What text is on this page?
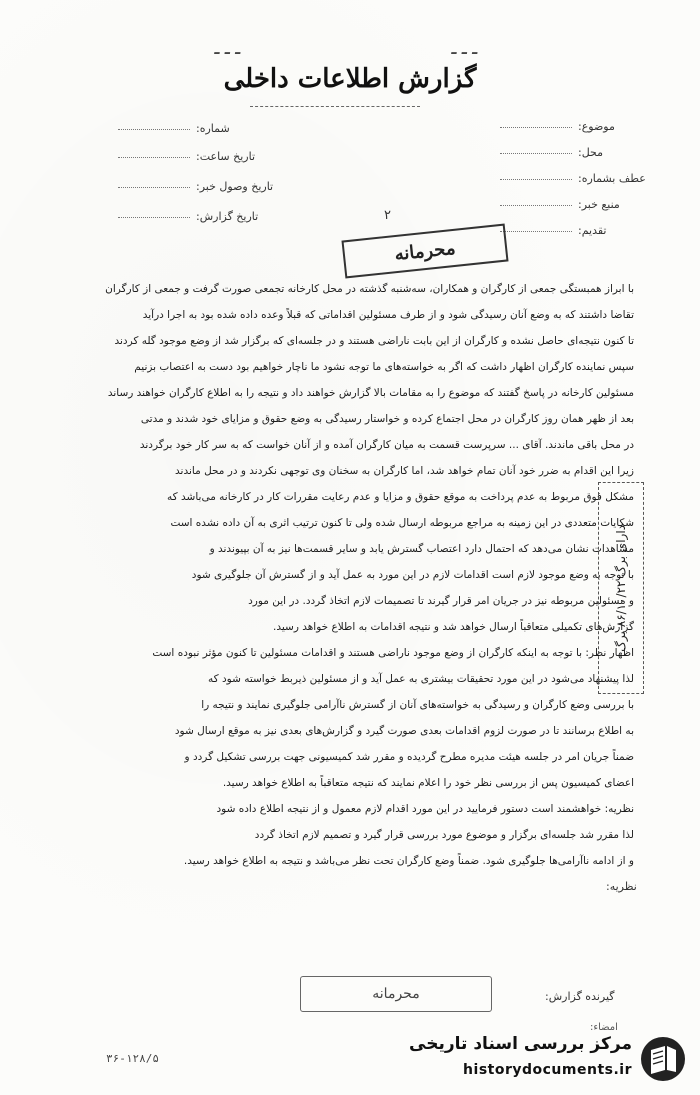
ـ ـ ـ	ـ ـ ـ
گزارش اطلاعات داخلی
شماره:
تاریخ ساعت:
تاریخ وصول خبر:
تاریخ گزارش:
موضوع:
محل:
عطف بشماره:
منبع خبر:
تقدیم:
۲
محرمانه

با ابراز همبستگی جمعی از کارگران و همکاران، سه‌شنبه گذشته در محل کارخانه تجمعی صورت گرفت و جمعی از کارگران

تقاضا داشتند که به وضع آنان رسیدگی شود و از طرف مسئولین اقداماتی که قبلاً وعده داده شده بود به اجرا درآید

تا کنون نتیجه‌ای حاصل نشده و کارگران از این بابت ناراضی هستند و در جلسه‌ای که برگزار شد از وضع موجود گله کردند

سپس نماینده کارگران اظهار داشت که اگر به خواسته‌های ما توجه نشود ما ناچار خواهیم بود دست به اعتصاب بزنیم

مسئولین کارخانه در پاسخ گفتند که موضوع را به مقامات بالا گزارش خواهند داد و نتیجه را به اطلاع کارگران خواهند رساند

بعد از ظهر همان روز کارگران در محل اجتماع کرده و خواستار رسیدگی به وضع حقوق و مزایای خود شدند و مدتی

در محل باقی ماندند. آقای ... سرپرست قسمت به میان کارگران آمده و از آنان خواست که به سر کار خود برگردند

زیرا این اقدام به ضرر خود آنان تمام خواهد شد، اما کارگران به سخنان وی توجهی نکردند و در محل ماندند

مشکل فوق مربوط به عدم پرداخت به موقع حقوق و مزایا و عدم رعایت مقررات کار در کارخانه می‌باشد که

شکایات متعددی در این زمینه به مراجع مربوطه ارسال شده ولی تا کنون ترتیب اثری به آن داده نشده است

مشاهدات نشان می‌دهد که احتمال دارد اعتصاب گسترش یابد و سایر قسمت‌ها نیز به آن بپیوندند و

با توجه به وضع موجود لازم است اقدامات لازم در این مورد به عمل آید و از گسترش آن جلوگیری شود

و مسئولین مربوطه نیز در جریان امر قرار گیرند تا تصمیمات لازم اتخاذ گردد. در این مورد

گزارش‌های تکمیلی متعاقباً ارسال خواهد شد و نتیجه اقدامات به اطلاع خواهد رسید.

اظهار نظر: با توجه به اینکه کارگران از وضع موجود ناراضی هستند و اقدامات مسئولین تا کنون مؤثر نبوده است

لذا پیشنهاد می‌شود در این مورد تحقیقات بیشتری به عمل آید و از مسئولین ذیربط خواسته شود که

با بررسی وضع کارگران و رسیدگی به خواسته‌های آنان از گسترش ناآرامی جلوگیری نمایند و نتیجه را

به اطلاع برسانند تا در صورت لزوم اقدامات بعدی صورت گیرد و گزارش‌های بعدی نیز به موقع ارسال شود

ضمناً جریان امر در جلسه هیئت مدیره مطرح گردیده و مقرر شد کمیسیونی جهت بررسی تشکیل گردد و

اعضای کمیسیون پس از بررسی نظر خود را اعلام نمایند که نتیجه متعاقباً به اطلاع خواهد رسید.

نظریه: خواهشمند است دستور فرمایید در این مورد اقدام لازم معمول و از نتیجه اطلاع داده شود

لذا مقرر شد جلسه‌ای برگزار و موضوع مورد بررسی قرار گیرد و تصمیم لازم اتخاذ گردد

و از ادامه ناآرامی‌ها جلوگیری شود. ضمناً وضع کارگران تحت نظر می‌باشد و نتیجه به اطلاع خواهد رسید.

نظریه:
دارای برگ ۸۶/۱۰/۲۲ برگ
محرمانه	گیرنده گزارش:
امضاء:
۳۶-۱۲۸/۵
مرکز بررسی اسناد تاریخی
historydocuments.ir
